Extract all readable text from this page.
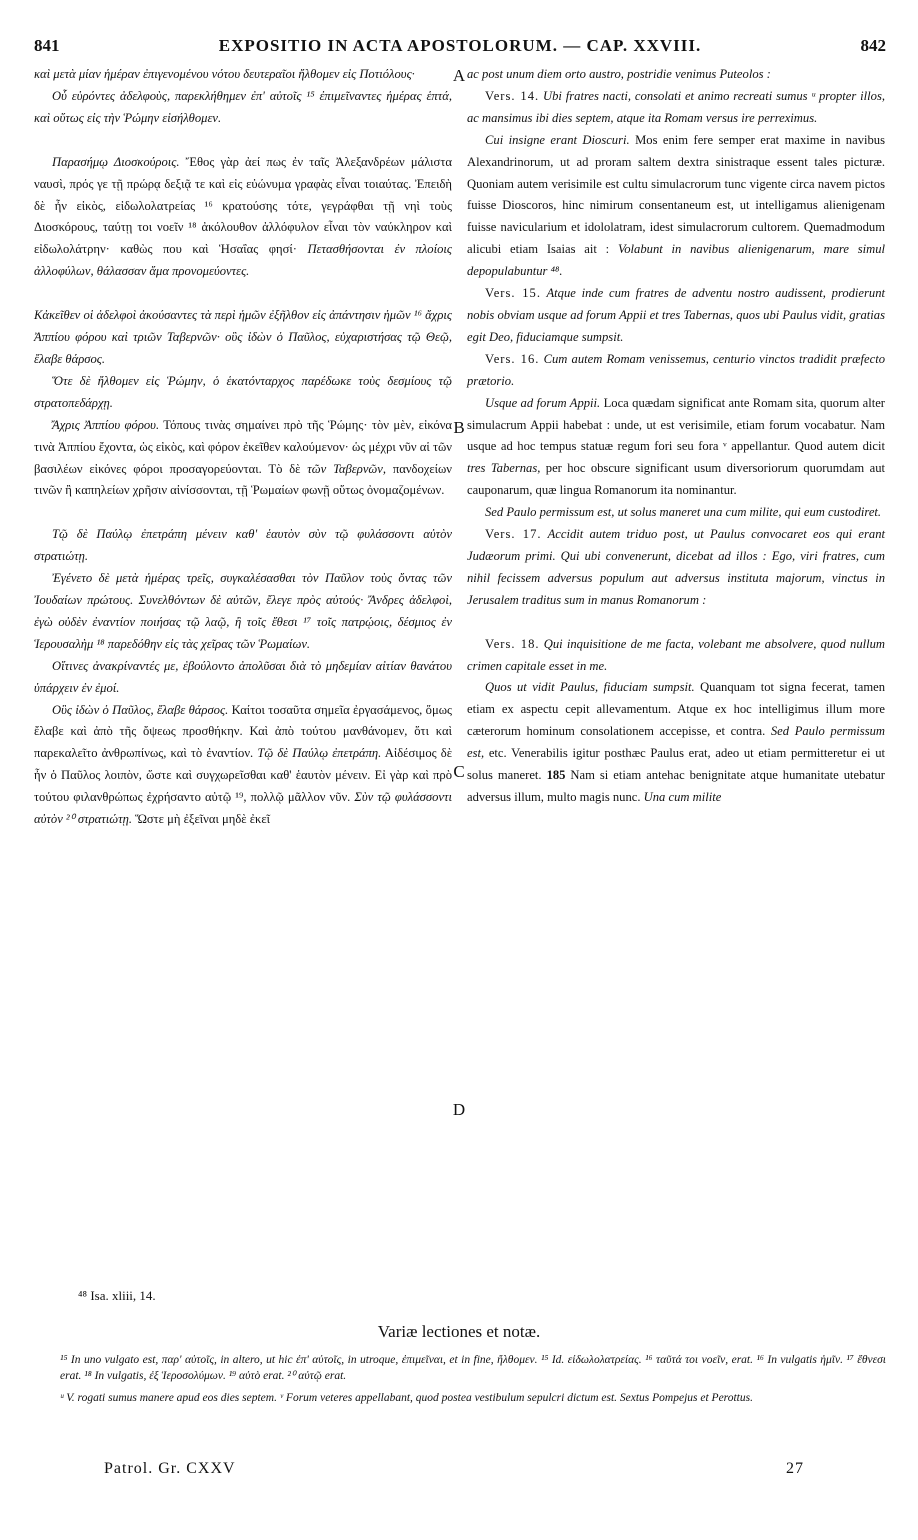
841	EXPOSITIO IN ACTA APOSTOLORUM. — CAP. XXVIII.	842

καὶ μετὰ μίαν ἡμέραν ἐπιγενομένου νότου δευτεραῖοι ἤλθομεν εἰς Ποτιόλους·

Οὗ εὑρόντες ἀδελφοὺς, παρεκλήθημεν ἐπ' αὐτοῖς ¹⁵ ἐπιμεῖναντες ἡμέρας ἑπτά, καὶ οὕτως εἰς τὴν Ῥώμην εἰσήλθομεν.

Παρασήμῳ Διοσκούροις. Ἔθος γὰρ ἀεί πως ἐν ταῖς Ἀλεξανδρέων μάλιστα ναυσὶ, πρός γε τῇ πρώρᾳ δεξιᾷ τε καὶ εἰς εὐώνυμα γραφὰς εἶναι τοιαύτας. Ἐπειδὴ δὲ ἦν εἰκὸς, εἰδωλολατρείας ¹⁶ κρατούσης τότε, γεγράφθαι τῇ νηὶ τοὺς Διοσκόρους, ταύτῃ τοι νοεῖν ¹⁸ ἀκόλουθον ἀλλόφυλον εἶναι τὸν ναύκληρον καὶ εἰδωλολάτρην· καθὼς που καὶ Ἡσαΐας φησί· Πετασθήσονται ἐν πλοίοις ἀλλοφύλων, θάλασσαν ἅμα προνομεύοντες.

Κἀκεῖθεν οἱ ἀδελφοὶ ἀκούσαντες τὰ περὶ ἡμῶν ἐξῆλθον εἰς ἀπάντησιν ἡμῶν ¹⁶ ἄχρις Ἀππίου φόρου καὶ τριῶν Ταβερνῶν· οὓς ἰδὼν ὁ Παῦλος, εὐχαριστήσας τῷ Θεῷ, ἔλαβε θάρσος.

Ὅτε δὲ ἤλθομεν εἰς Ῥώμην, ὁ ἑκατόνταρχος παρέδωκε τοὺς δεσμίους τῷ στρατοπεδάρχῃ.

Ἄχρις Ἀππίου φόρου. Τόπους τινὰς σημαίνει πρὸ τῆς Ῥώμης· τὸν μὲν, εἰκόνα τινὰ Ἀππίου ἔχοντα, ὡς εἰκὸς, καὶ φόρον ἐκεῖθεν καλούμενον· ὡς μέχρι νῦν αἱ τῶν βασιλέων εἰκόνες φόροι προσαγορεύονται. Τὸ δὲ τῶν Ταβερνῶν, πανδοχείων τινῶν ἢ καπηλείων χρῆσιν αἰνίσσονται, τῇ Ῥωμαίων φωνῇ οὕτως ὀνομαζομένων.

Τῷ δὲ Παύλῳ ἐπετράπη μένειν καθ' ἑαυτὸν σὺν τῷ φυλάσσοντι αὐτὸν στρατιώτῃ.

Ἐγένετο δὲ μετὰ ἡμέρας τρεῖς, συγκαλέσασθαι τὸν Παῦλον τοὺς ὄντας τῶν Ἰουδαίων πρώτους. Συνελθόντων δὲ αὐτῶν, ἔλεγε πρὸς αὐτούς· Ἄνδρες ἀδελφοὶ, ἐγὼ οὐδὲν ἐναντίον ποιήσας τῷ λαῷ, ἢ τοῖς ἔθεσι ¹⁷ τοῖς πατρῴοις, δέσμιος ἐν Ἱερουσαλὴμ ¹⁸ παρεδόθην εἰς τὰς χεῖρας τῶν Ῥωμαίων.

Οἵτινες ἀνακρίναντές με, ἐβούλοντο ἀπολῦσαι διὰ τὸ μηδεμίαν αἰτίαν θανάτου ὑπάρχειν ἐν ἐμοί.

Οὓς ἰδὼν ὁ Παῦλος, ἔλαβε θάρσος. Καίτοι τοσαῦτα σημεῖα ἐργασάμενος, ὅμως ἔλαβε καὶ ἀπὸ τῆς ὄψεως προσθήκην. Καὶ ἀπὸ τούτου μανθάνομεν, ὅτι καὶ παρεκαλεῖτο ἀνθρωπίνως, καὶ τὸ ἐναντίον. Τῷ δὲ Παύλῳ ἐπετράπη. Αἰδέσιμος δὲ ἦν ὁ Παῦλος λοιπὸν, ὥστε καὶ συγχωρεῖσθαι καθ' ἑαυτὸν μένειν. Εἰ γὰρ καὶ πρὸ τούτου φιλανθρώπως ἐχρήσαντο αὐτῷ ¹⁹, πολλῷ μᾶλλον νῦν. Σὺν τῷ φυλάσσοντι αὐτὸν ²⁰ στρατιώτῃ. Ὥστε μὴ ἐξεῖναι μηδὲ ἐκεῖ

ac post unum diem orto austro, postridie venimus Puteolos :

Vers. 14. Ubi fratres nacti, consolati et animo recreati sumus ᵘ propter illos, ac mansimus ibi dies septem, atque ita Romam versus ire perreximus.

Cui insigne erant Dioscuri. Mos enim fere semper erat maxime in navibus Alexandrinorum, ut ad proram saltem dextra sinistraque essent tales picturæ. Quoniam autem verisimile est cultu simulacrorum tunc vigente circa navem pictos fuisse Dioscoros, hinc nimirum consentaneum est, ut intelligamus alienigenam fuisse navicularium et idololatram, idest simulacrorum cultorem. Quemadmodum alicubi etiam Isaias ait : Volabunt in navibus alienigenarum, mare simul depopulabuntur ⁴⁸.

Vers. 15. Atque inde cum fratres de adventu nostro audissent, prodierunt nobis obviam usque ad forum Appii et tres Tabernas, quos ubi Paulus vidit, gratias egit Deo, fiduciamque sumpsit.

Vers. 16. Cum autem Romam venissemus, centurio vinctos tradidit præfecto prætorio.

Usque ad forum Appii. Loca quædam significat ante Romam sita, quorum alter simulacrum Appii habebat : unde, ut est verisimile, etiam forum vocabatur. Nam usque ad hoc tempus statuæ regum fori seu fora ᵛ appellantur. Quod autem dicit tres Tabernas, per hoc obscure significant usum diversoriorum quorumdam aut cauponarum, quæ lingua Romanorum ita nominantur.

Sed Paulo permissum est, ut solus maneret una cum milite, qui eum custodiret.

Vers. 17. Accidit autem triduo post, ut Paulus convocaret eos qui erant Judæorum primi. Qui ubi convenerunt, dicebat ad illos : Ego, viri fratres, cum nihil fecissem adversus populum aut adversus instituta majorum, vinctus in Jerusalem traditus sum in manus Romanorum :

Vers. 18. Qui inquisitione de me facta, volebant me absolvere, quod nullum crimen capitale esset in me.

Quos ut vidit Paulus, fiduciam sumpsit. Quanquam tot signa fecerat, tamen etiam ex aspectu cepit allevamentum. Atque ex hoc intelligimus illum more cæterorum hominum consolationem accepisse, et contra. Sed Paulo permissum est, etc. Venerabilis igitur posthæc Paulus erat, adeo ut etiam permitteretur ei ut solus maneret. 185 Nam si etiam antehac benignitate atque humanitate utebatur adversus illum, multo magis nunc. Una cum milite

A
B
C
D
⁴⁸ Isa. xliii, 14.
Variæ lectiones et notæ.

¹⁵ In uno vulgato est, παρ' αὐτοῖς, in altero, ut hic ἐπ' αὐτοῖς, in utroque, ἐπιμεῖναι, et in fine, ἤλθομεν. ¹⁵ Id. εἰδωλολατρείας. ¹⁶ ταῦτά τοι νοεῖν, erat. ¹⁶ In vulgatis ἡμῖν. ¹⁷ ἔθνεσι erat. ¹⁸ In vulgatis, ἐξ Ἱεροσολύμων. ¹⁹ αὐτὸ erat. ²⁰ αὐτῷ erat.

ᵘ V. rogati sumus manere apud eos dies septem. ᵛ Forum veteres appellabant, quod postea vestibulum sepulcri dictum est. Sextus Pompejus et Perottus.

Patrol. Gr. CXXV	27
